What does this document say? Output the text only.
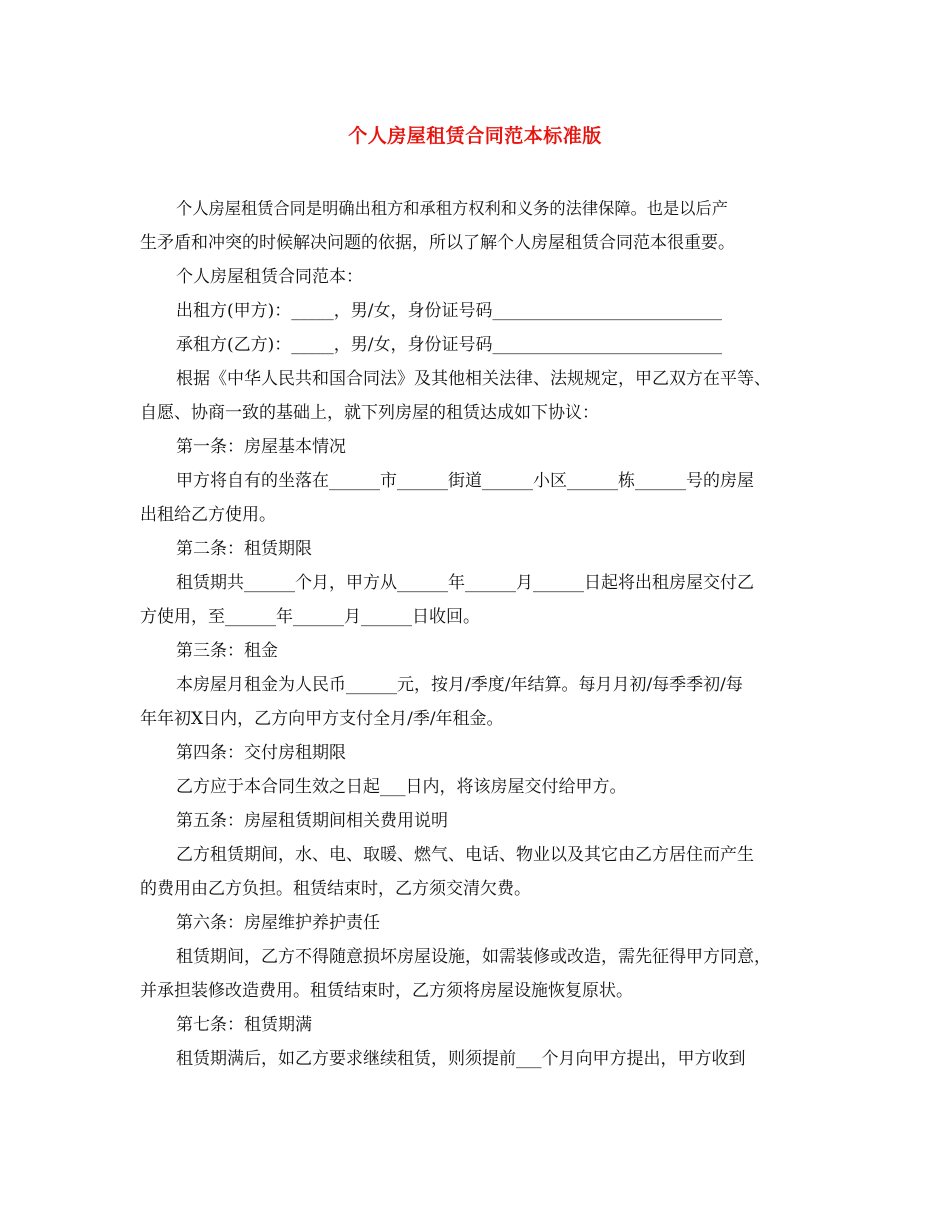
个人房屋租赁合同范本标准版
个人房屋租赁合同是明确出租方和承租方权利和义务的法律保障。也是以后产
生矛盾和冲突的时候解决问题的依据，所以了解个人房屋租赁合同范本很重要。
个人房屋租赁合同范本：
出租方(甲方)：_____，男/女，身份证号码___________________________
承租方(乙方)：_____，男/女，身份证号码___________________________
根据《中华人民共和国合同法》及其他相关法律、法规规定，甲乙双方在平等、
自愿、协商一致的基础上，就下列房屋的租赁达成如下协议：
第一条：房屋基本情况
甲方将自有的坐落在______市______街道______小区______栋______号的房屋
出租给乙方使用。
第二条：租赁期限
租赁期共______个月，甲方从______年______月______日起将出租房屋交付乙
方使用，至______年______月______日收回。
第三条：租金
本房屋月租金为人民币______元，按月/季度/年结算。每月月初/每季季初/每
年年初X日内，乙方向甲方支付全月/季/年租金。
第四条：交付房租期限
乙方应于本合同生效之日起___日内，将该房屋交付给甲方。
第五条：房屋租赁期间相关费用说明
乙方租赁期间，水、电、取暖、燃气、电话、物业以及其它由乙方居住而产生
的费用由乙方负担。租赁结束时，乙方须交清欠费。
第六条：房屋维护养护责任
租赁期间，乙方不得随意损坏房屋设施，如需装修或改造，需先征得甲方同意，
并承担装修改造费用。租赁结束时，乙方须将房屋设施恢复原状。
第七条：租赁期满
租赁期满后，如乙方要求继续租赁，则须提前___个月向甲方提出，甲方收到
